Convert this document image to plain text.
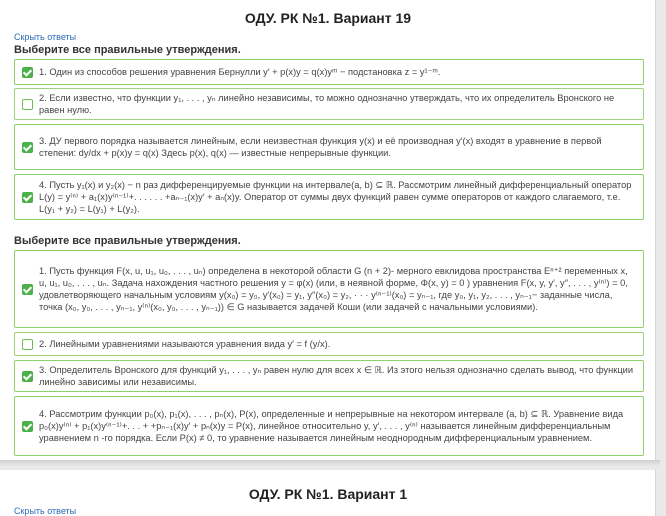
ОДУ. РК №1. Вариант 19
Скрыть ответы
Выберите все правильные утверждения.
1. Один из способов решения уравнения Бернулли y′ + p(x)y = q(x)yᵐ − подстановка z = y¹⁻ᵐ.
2. Если известно, что функции y₁, . . . , yₙ линейно независимы, то можно однозначно утверждать, что их определитель Вронского не равен нулю.
3. ДУ первого порядка называется линейным, если неизвестная функция y(x) и её производная y′(x) входят в уравнение в первой степени: dy/dx + p(x)y = q(x) Здесь p(x), q(x) — известные непрерывные функции.
4. Пусть y₁(x) и y₂(x) − n раз дифференцируемые функции на интервале(a, b) ⊆ ℝ. Рассмотрим линейный дифференциальный оператор L(y) = y⁽ⁿ⁾ + a₁(x)y⁽ⁿ⁻¹⁾+. . . . . . +aₙ₋₁(x)y′ + aₙ(x)y. Оператор от суммы двух функций равен сумме операторов от каждого слагаемого, т.е. L(y₁ + y₂) = L(y₁) + L(y₂).
Выберите все правильные утверждения.
1. Пусть функция F(x, u, u₁, u₀, . . . , uₙ) определена в некоторой области G (n + 2)- мерного евклидова пространства Eⁿ⁺² переменных x, u, u₁, u₀, . . . , uₙ. Задача нахождения частного решения y = φ(x) (или, в неявной форме, Φ(x, y) = 0 ) уравнения F(x, y, y′, y″, . . . , y⁽ⁿ⁾) = 0, удовлетворяющего начальным условиям y(x₀) = y₀, y′(x₀) = y₁, y″(x₀) = y₂, · · · y⁽ⁿ⁻¹⁾(x₀) = yₙ₋₁, где y₀, y₁, y₂, . . . , yₙ₋₁− заданные числа, точка (x₀, y₀, . . . , yₙ₋₁, y⁽ⁿ⁾(x₀, y₀, . . . , yₙ₋₁)) ∈ G называется задачей Коши (или задачей с начальными условиями).
2. Линейными уравнениями называются уравнения вида y′ = f (y/x).
3. Определитель Вронского для функций y₁, . . . , yₙ равен нулю для всех x ∈ ℝ. Из этого нельзя однозначно сделать вывод, что функции линейно зависимы или независимы.
4. Рассмотрим функции p₀(x), p₁(x), . . . , pₙ(x), P(x), определенные и непрерывные на некотором интервале (a, b) ⊆ ℝ. Уравнение вида p₀(x)y⁽ⁿ⁾ + p₁(x)y⁽ⁿ⁻¹⁾+. . . + +pₙ₋₁(x)y′ + pₙ(x)y = P(x), линейное относительно y, y′, . . . , y⁽ⁿ⁾ называется линейным дифференциальным уравнением n -го порядка. Если P(x) ≠ 0, то уравнение называется линейным неоднородным дифференциальным уравнением.
ОДУ. РК №1. Вариант 1
Скрыть ответы
